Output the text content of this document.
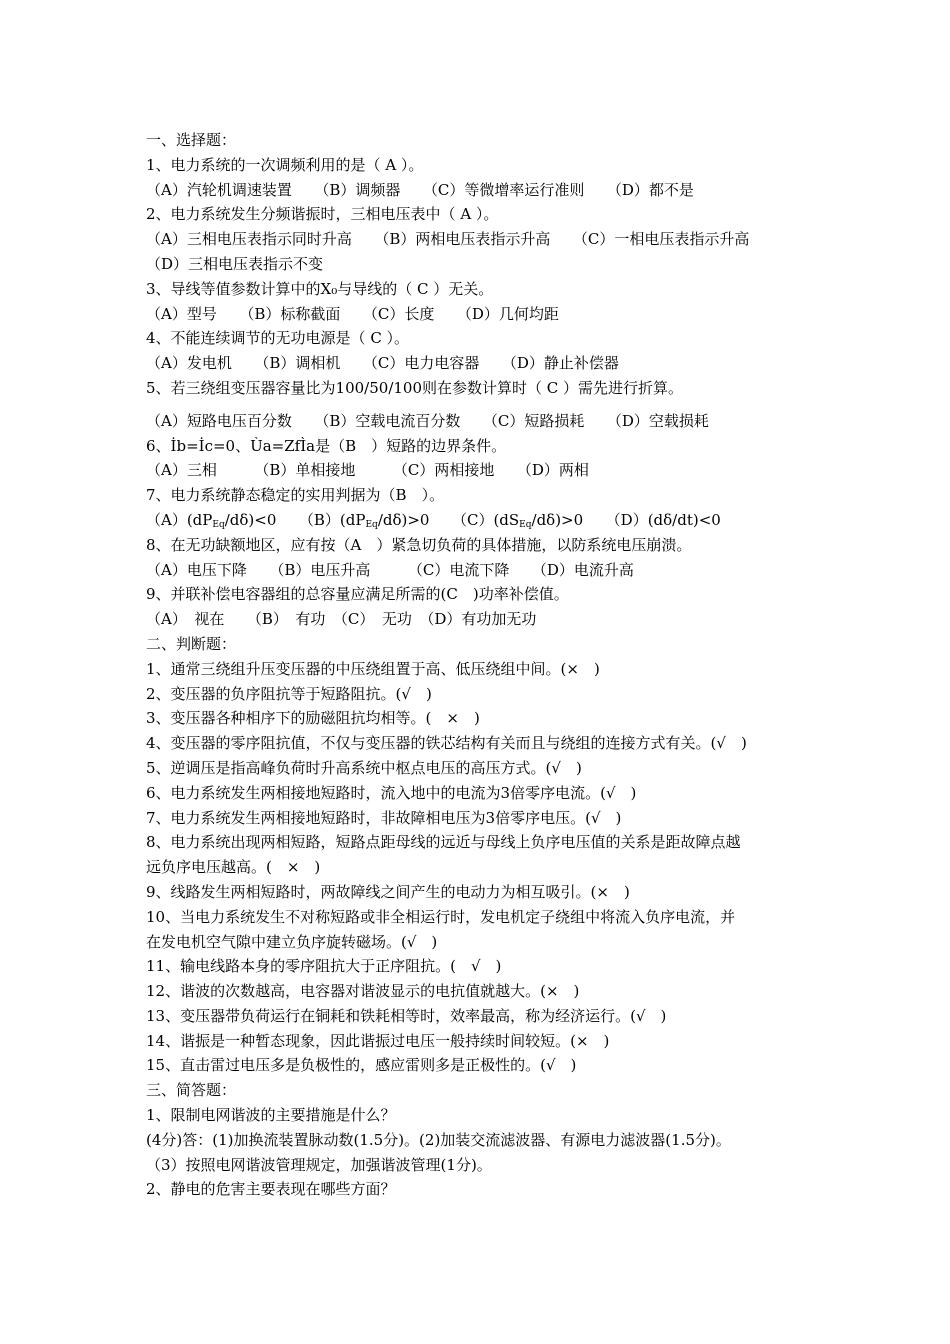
一、选择题：
1、电力系统的一次调频利用的是（ A ）。
（A）汽轮机调速装置　　（B）调频器　　（C）等微增率运行准则　　（D）都不是
2、电力系统发生分频谐振时，三相电压表中（ A ）。
（A）三相电压表指示同时升高　　（B）两相电压表指示升高　　（C）一相电压表指示升高
（D）三相电压表指示不变
3、导线等值参数计算中的X₀与导线的（ C ）无关。
（A）型号　　（B）标称截面　　（C）长度　　（D）几何均距
4、不能连续调节的无功电源是（ C ）。
（A）发电机　　（B）调相机　　（C）电力电容器　　（D）静止补偿器
5、若三绕组变压器容量比为100/50/100则在参数计算时（ C ）需先进行折算。
（A）短路电压百分数　　（B）空载电流百分数　　（C）短路损耗　　（D）空载损耗
6、İb=İc=0、Ùa=ZfÌa是（B　）短路的边界条件。
（A）三相　　　（B）单相接地　　　（C）两相接地　　（D）两相
7、电力系统静态稳定的实用判据为（B　）。
$(A)(dP_{Eq}/d\delta)<0$　　$(B)(dP_{Eq}/d\delta)>0$　　$(C)(dS_{Eq}/d\delta)>0$　　（D）(dδ/dt)<0
8、在无功缺额地区，应有按（A　）紧急切负荷的具体措施，以防系统电压崩溃。
（A）电压下降　　（B）电压升高　　　（C）电流下降　　（D）电流升高
9、并联补偿电容器组的总容量应满足所需的(C　)功率补偿值。
（A）　视在　　（B）　有功　（C）　无功　（D）有功加无功
二、判断题：
1、通常三绕组升压变压器的中压绕组置于高、低压绕组中间。(×　)
2、变压器的负序阻抗等于短路阻抗。(√　)
3、变压器各种相序下的励磁阻抗均相等。(　×　)
4、变压器的零序阻抗值，不仅与变压器的铁芯结构有关而且与绕组的连接方式有关。(√　)
5、逆调压是指高峰负荷时升高系统中枢点电压的高压方式。(√　)
6、电力系统发生两相接地短路时，流入地中的电流为3倍零序电流。(√　)
7、电力系统发生两相接地短路时，非故障相电压为3倍零序电压。(√　)
8、电力系统出现两相短路，短路点距母线的远近与母线上负序电压值的关系是距故障点越
远负序电压越高。(　×　)
9、线路发生两相短路时，两故障线之间产生的电动力为相互吸引。(×　)
10、当电力系统发生不对称短路或非全相运行时，发电机定子绕组中将流入负序电流，并
在发电机空气隙中建立负序旋转磁场。(√　)
11、输电线路本身的零序阻抗大于正序阻抗。(　√　)
12、谐波的次数越高，电容器对谐波显示的电抗值就越大。(×　)
13、变压器带负荷运行在铜耗和铁耗相等时，效率最高，称为经济运行。(√　)
14、谐振是一种暂态现象，因此谐振过电压一般持续时间较短。(×　)
15、直击雷过电压多是负极性的，感应雷则多是正极性的。(√　)
三、简答题：
1、限制电网谐波的主要措施是什么？
(4分)答：(1)加换流装置脉动数(1.5分)。(2)加装交流滤波器、有源电力滤波器(1.5分)。
（3）按照电网谐波管理规定，加强谐波管理(1分)。
2、静电的危害主要表现在哪些方面？
